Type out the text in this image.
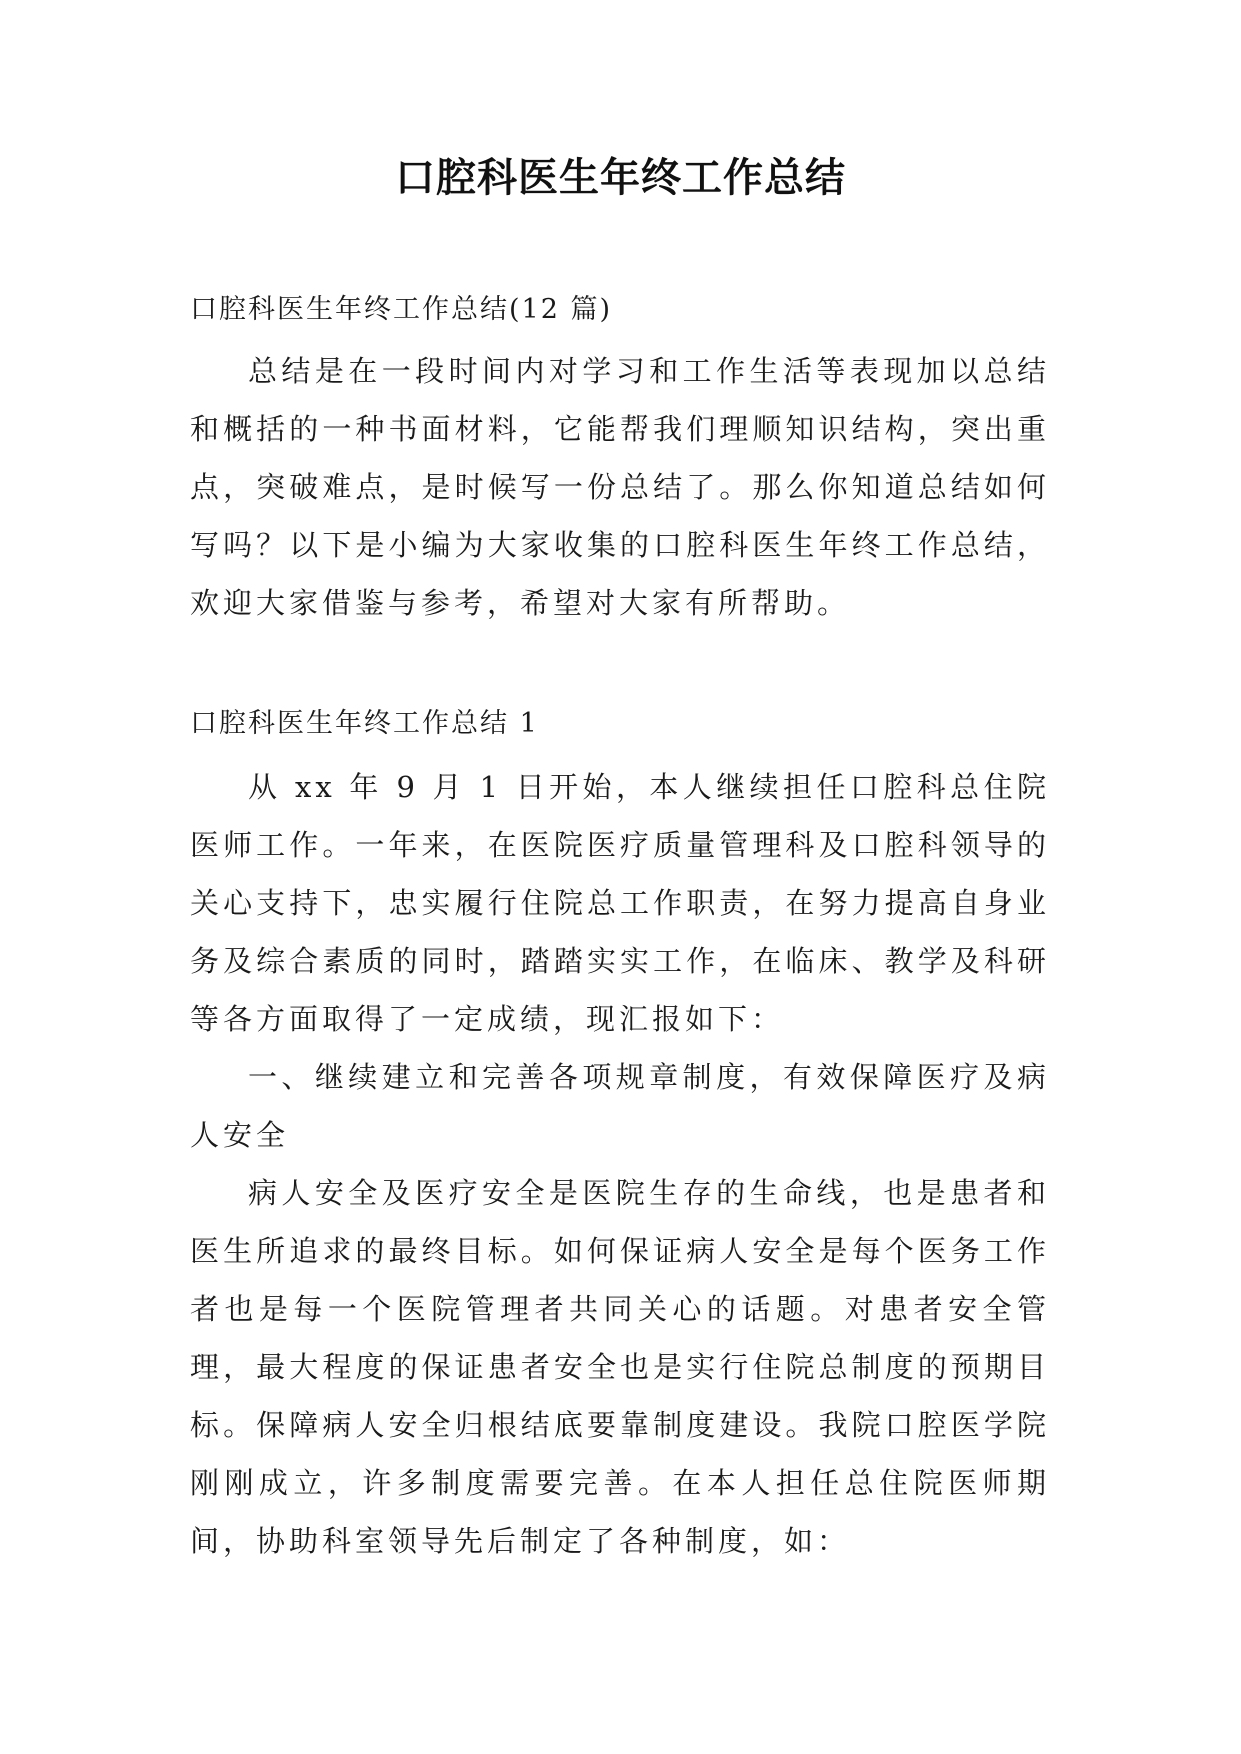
口腔科医生年终工作总结
口腔科医生年终工作总结(12 篇)

总结是在一段时间内对学习和工作生活等表现加以总结和概括的一种书面材料，它能帮我们理顺知识结构，突出重点，突破难点，是时候写一份总结了。那么你知道总结如何写吗？以下是小编为大家收集的口腔科医生年终工作总结，欢迎大家借鉴与参考，希望对大家有所帮助。

口腔科医生年终工作总结 1

从 xx 年 9 月 1 日开始，本人继续担任口腔科总住院医师工作。一年来，在医院医疗质量管理科及口腔科领导的关心支持下，忠实履行住院总工作职责，在努力提高自身业务及综合素质的同时，踏踏实实工作，在临床、教学及科研等各方面取得了一定成绩，现汇报如下：

一、继续建立和完善各项规章制度，有效保障医疗及病人安全

病人安全及医疗安全是医院生存的生命线，也是患者和医生所追求的最终目标。如何保证病人安全是每个医务工作者也是每一个医院管理者共同关心的话题。对患者安全管理，最大程度的保证患者安全也是实行住院总制度的预期目标。保障病人安全归根结底要靠制度建设。我院口腔医学院刚刚成立，许多制度需要完善。在本人担任总住院医师期间，协助科室领导先后制定了各种制度，如：
